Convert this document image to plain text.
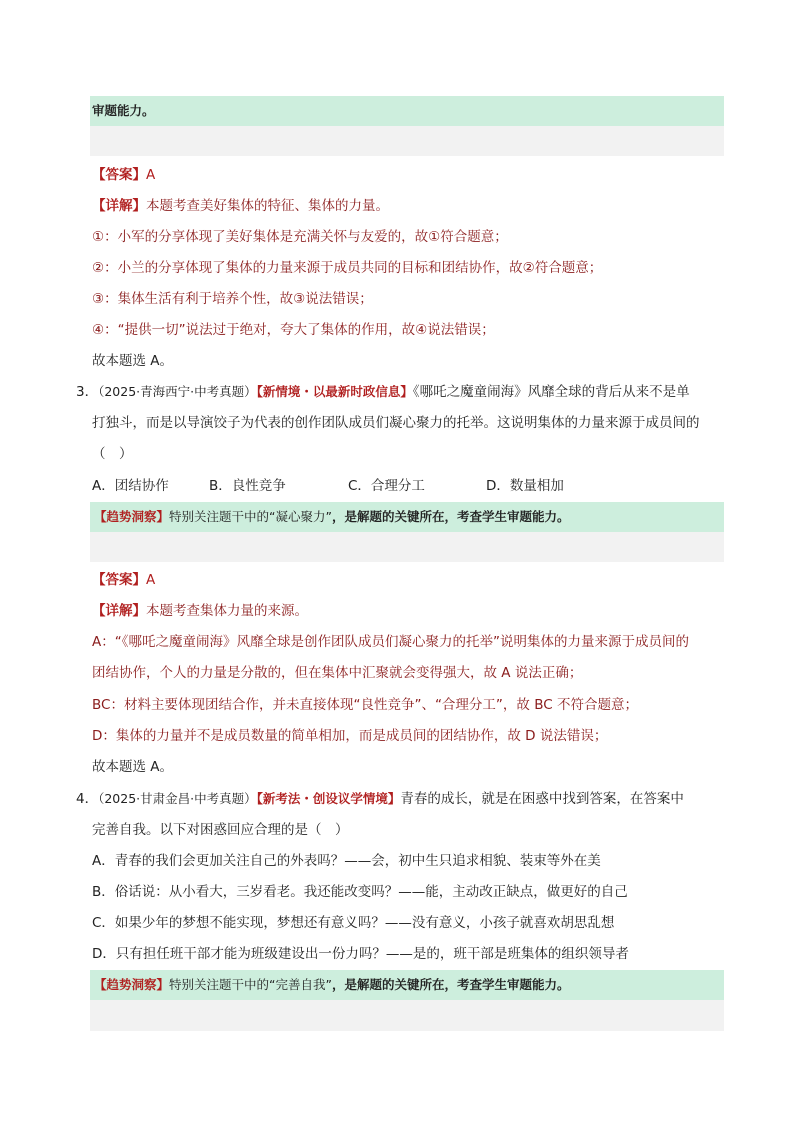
审题能力。
【答案】A
【详解】本题考查美好集体的特征、集体的力量。
①：小军的分享体现了美好集体是充满关怀与友爱的，故①符合题意；
②：小兰的分享体现了集体的力量来源于成员共同的目标和团结协作，故②符合题意；
③：集体生活有利于培养个性，故③说法错误；
④：“提供一切”说法过于绝对，夸大了集体的作用，故④说法错误；
故本题选 A。
3．（2025·青海西宁·中考真题）【新情境・以最新时政信息】《哪吒之魔童闹海》风靡全球的背后从来不是单
打独斗，而是以导演饺子为代表的创作团队成员们凝心聚力的托举。这说明集体的力量来源于成员间的
（　）
A．团结协作	B．良性竞争	C．合理分工	D．数量相加
【趋势洞察】特别关注题干中的“凝心聚力”，是解题的关键所在，考查学生审题能力。
【答案】A
【详解】本题考查集体力量的来源。
A：“《哪吒之魔童闹海》风靡全球是创作团队成员们凝心聚力的托举”说明集体的力量来源于成员间的
团结协作，个人的力量是分散的，但在集体中汇聚就会变得强大，故 A 说法正确；
BC：材料主要体现团结合作，并未直接体现“良性竞争”、“合理分工”，故 BC 不符合题意；
D：集体的力量并不是成员数量的简单相加，而是成员间的团结协作，故 D 说法错误；
故本题选 A。
4．（2025·甘肃金昌·中考真题）【新考法・创设议学情境】青春的成长，就是在困惑中找到答案，在答案中
完善自我。以下对困惑回应合理的是（　）
A．青春的我们会更加关注自己的外表吗？——会，初中生只追求相貌、装束等外在美
B．俗话说：从小看大，三岁看老。我还能改变吗？——能，主动改正缺点，做更好的自己
C．如果少年的梦想不能实现，梦想还有意义吗？——没有意义，小孩子就喜欢胡思乱想
D．只有担任班干部才能为班级建设出一份力吗？——是的，班干部是班集体的组织领导者
【趋势洞察】特别关注题干中的“完善自我”，是解题的关键所在，考查学生审题能力。
